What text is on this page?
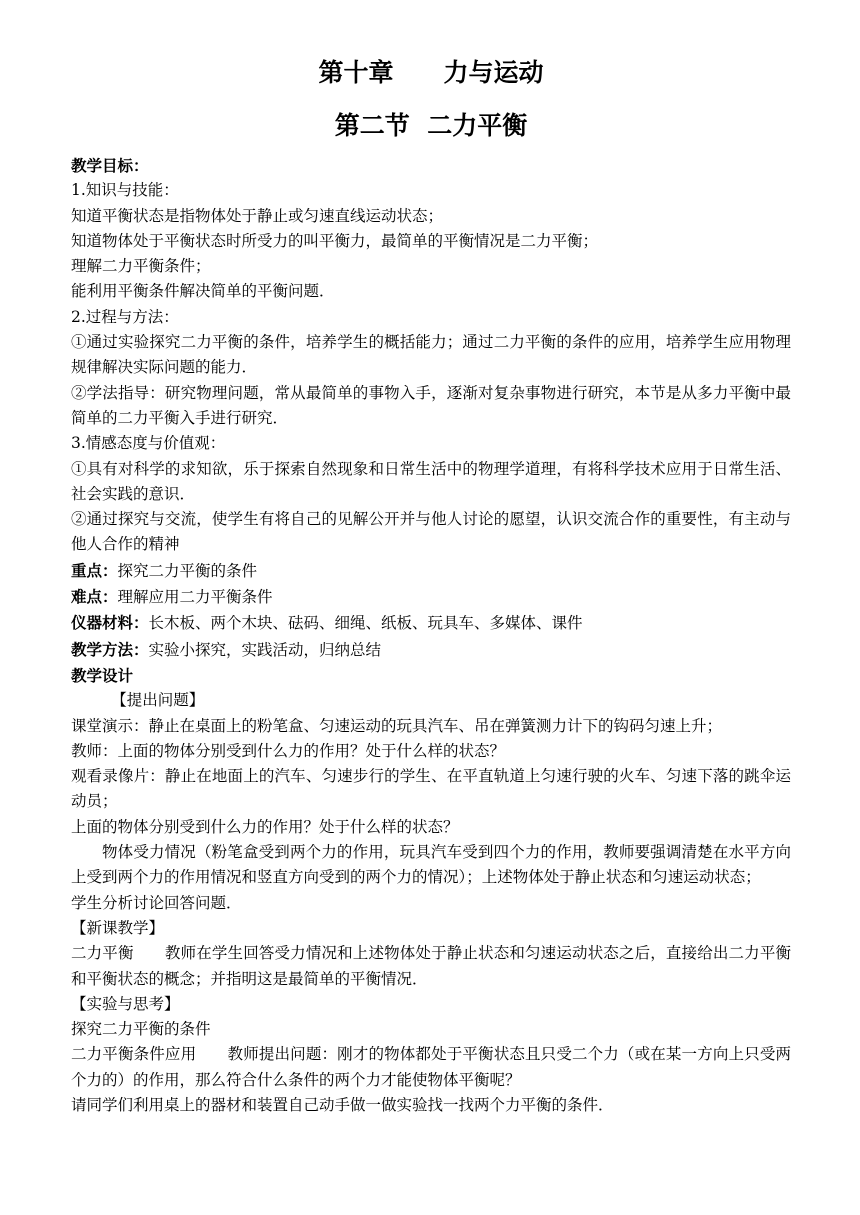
第十章　　力与运动
第二节  二力平衡

教学目标：

1.知识与技能：

知道平衡状态是指物体处于静止或匀速直线运动状态；

知道物体处于平衡状态时所受力的叫平衡力，最简单的平衡情况是二力平衡；

理解二力平衡条件；

能利用平衡条件解决简单的平衡问题．

2.过程与方法：

①通过实验探究二力平衡的条件，培养学生的概括能力；通过二力平衡的条件的应用，培养学生应用物理规律解决实际问题的能力．

②学法指导：研究物理问题，常从最简单的事物入手，逐渐对复杂事物进行研究，本节是从多力平衡中最简单的二力平衡入手进行研究．

3.情感态度与价值观：

①具有对科学的求知欲，乐于探索自然现象和日常生活中的物理学道理，有将科学技术应用于日常生活、社会实践的意识．

②通过探究与交流，使学生有将自己的见解公开并与他人讨论的愿望，认识交流合作的重要性，有主动与他人合作的精神

重点：探究二力平衡的条件

难点：理解应用二力平衡条件

仪器材料：长木板、两个木块、砝码、细绳、纸板、玩具车、多媒体、课件

教学方法：实验小探究，实践活动，归纳总结

教学设计

【提出问题】

课堂演示：静止在桌面上的粉笔盒、匀速运动的玩具汽车、吊在弹簧测力计下的钩码匀速上升；

教师：上面的物体分别受到什么力的作用？处于什么样的状态？

观看录像片：静止在地面上的汽车、匀速步行的学生、在平直轨道上匀速行驶的火车、匀速下落的跳伞运动员；

上面的物体分别受到什么力的作用？处于什么样的状态？

物体受力情况（粉笔盒受到两个力的作用，玩具汽车受到四个力的作用，教师要强调清楚在水平方向上受到两个力的作用情况和竖直方向受到的两个力的情况）；上述物体处于静止状态和匀速运动状态；

学生分析讨论回答问题．

【新课教学】

二力平衡　　教师在学生回答受力情况和上述物体处于静止状态和匀速运动状态之后，直接给出二力平衡和平衡状态的概念；并指明这是最简单的平衡情况．

【实验与思考】

探究二力平衡的条件

二力平衡条件应用　　教师提出问题：刚才的物体都处于平衡状态且只受二个力（或在某一方向上只受两个力的）的作用，那么符合什么条件的两个力才能使物体平衡呢？

请同学们利用桌上的器材和装置自己动手做一做实验找一找两个力平衡的条件．
